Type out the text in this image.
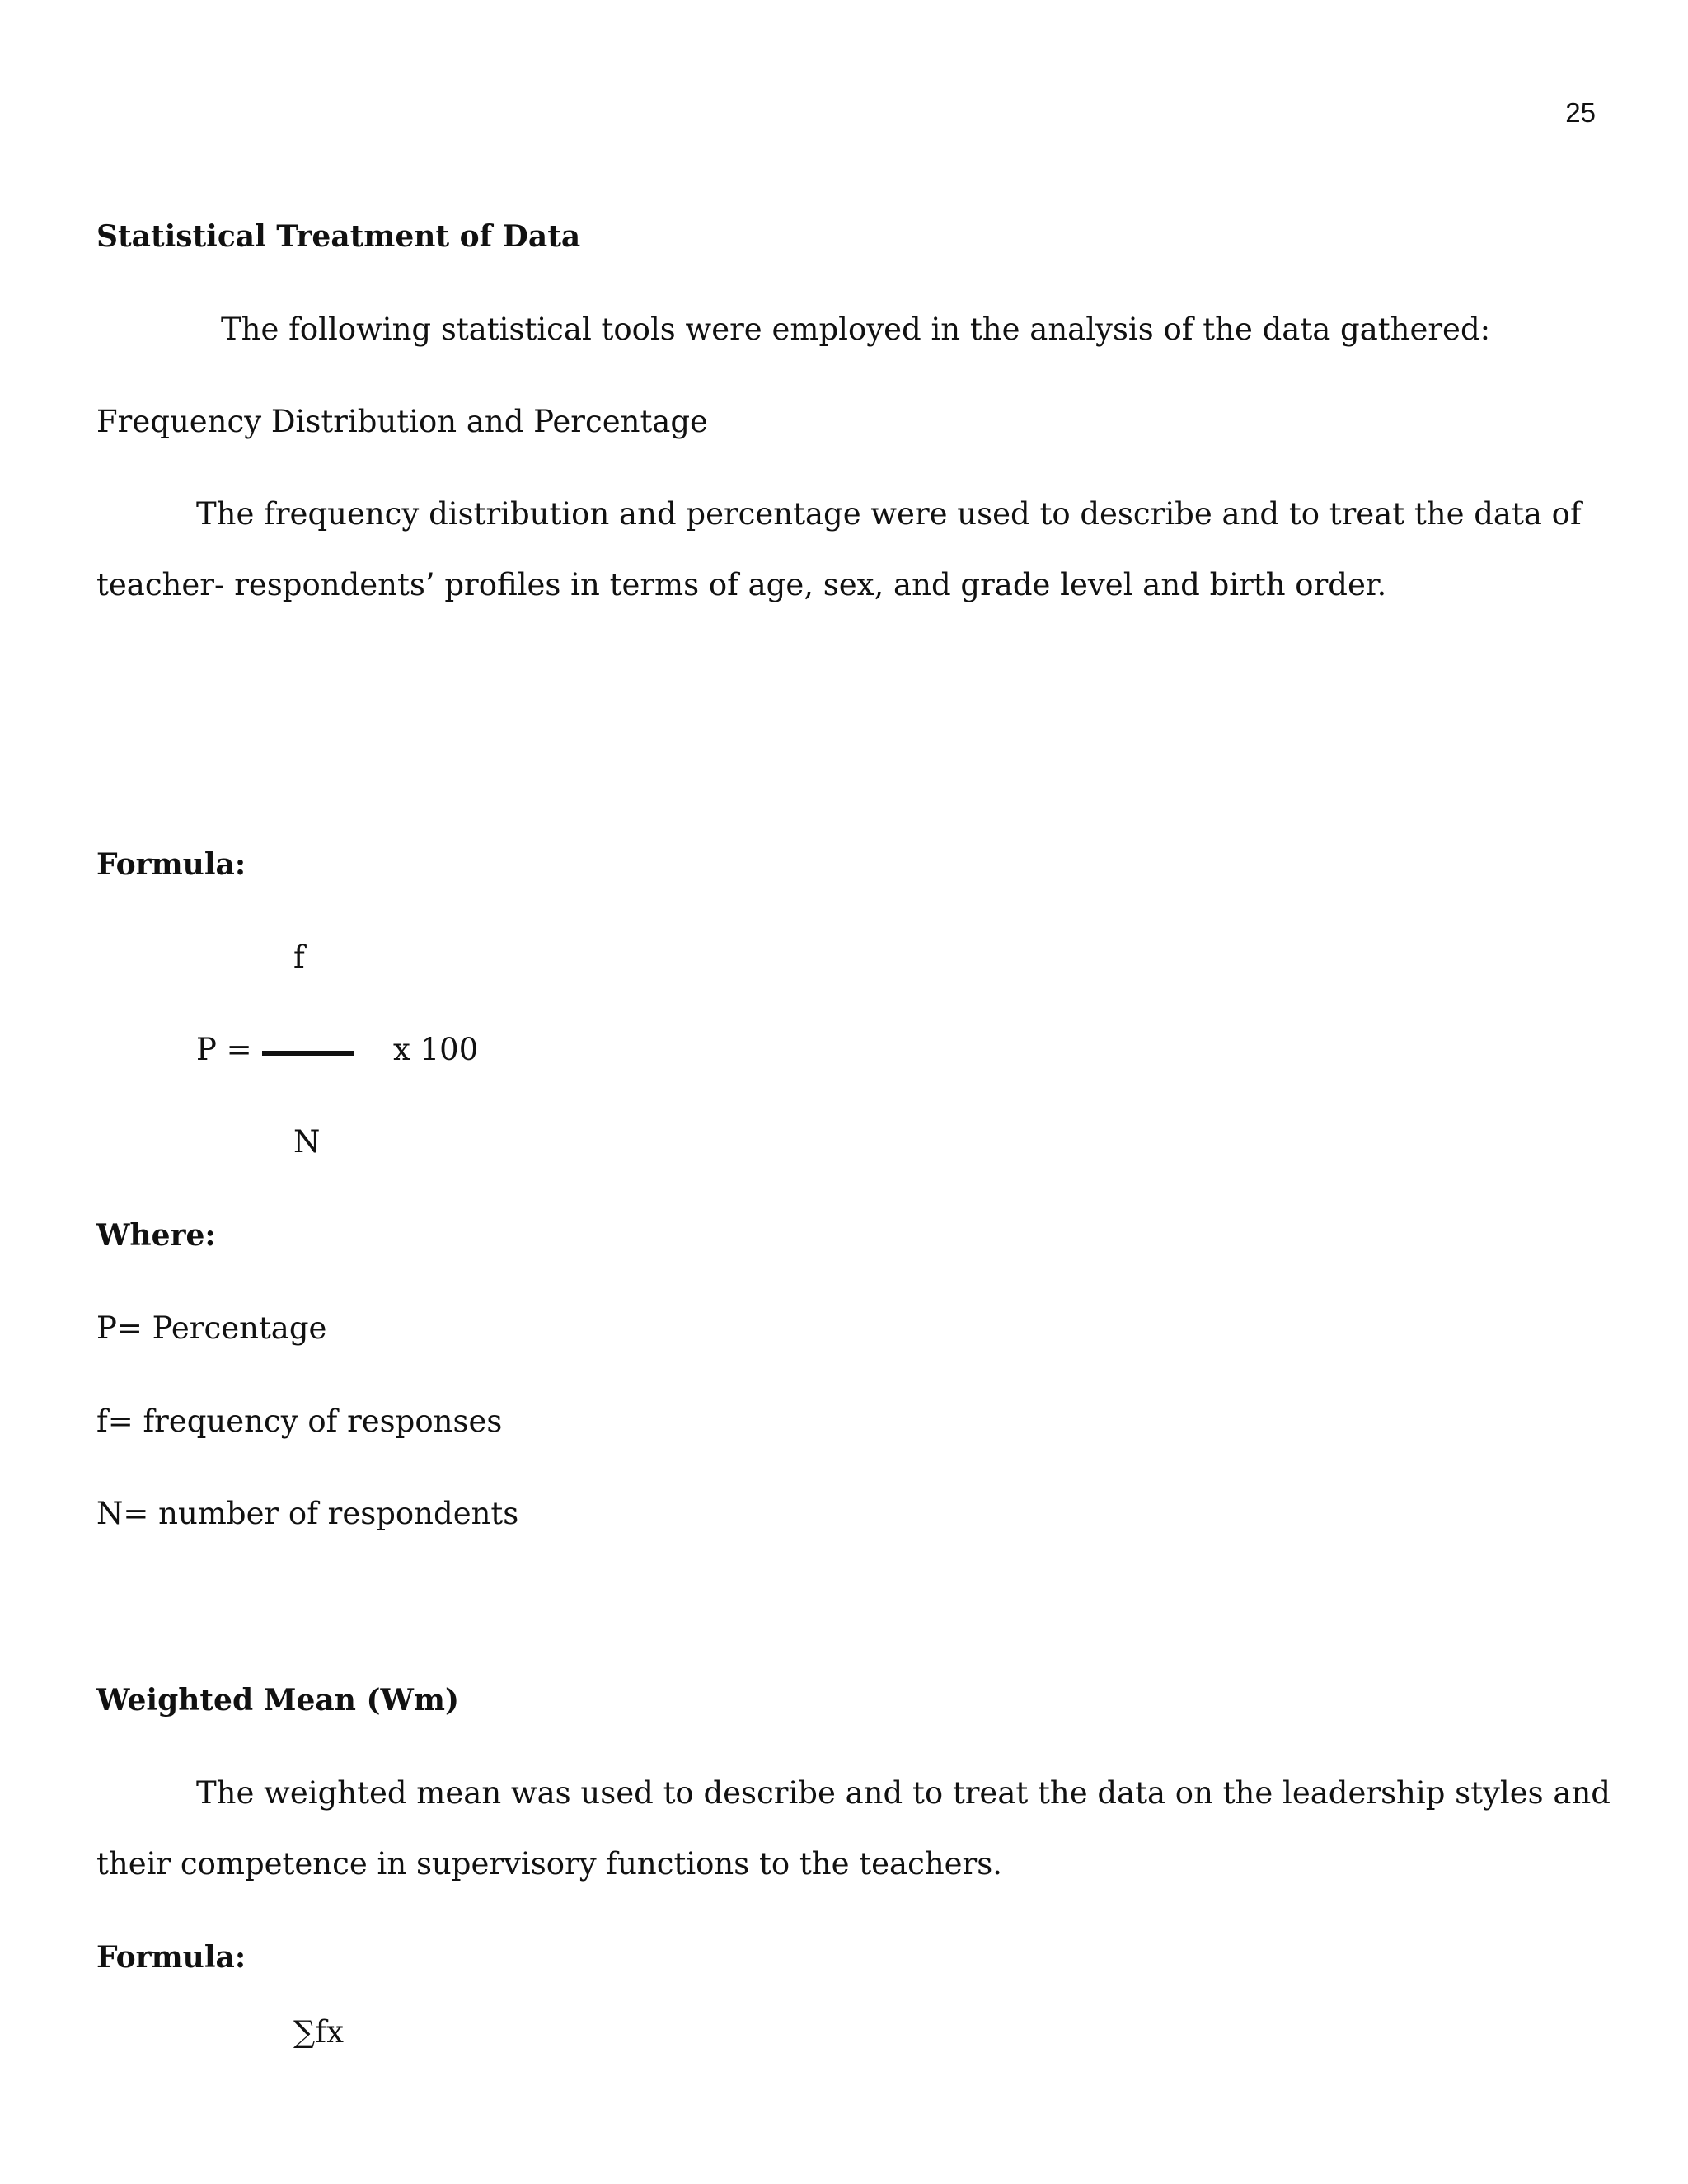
25
Statistical Treatment of Data
The following statistical tools were employed in the analysis of the data gathered:
Frequency Distribution and Percentage
The frequency distribution and percentage were used to describe and to treat the data of
teacher- respondents’ profiles in terms of age, sex, and grade level and birth order.
Formula:
f
P =	x 100
N
Where:
P= Percentage
f= frequency of responses
N= number of respondents
Weighted Mean (Wm)
The weighted mean was used to describe and to treat the data on the leadership styles and
their competence in supervisory functions to the teachers.
Formula:
∑fx
